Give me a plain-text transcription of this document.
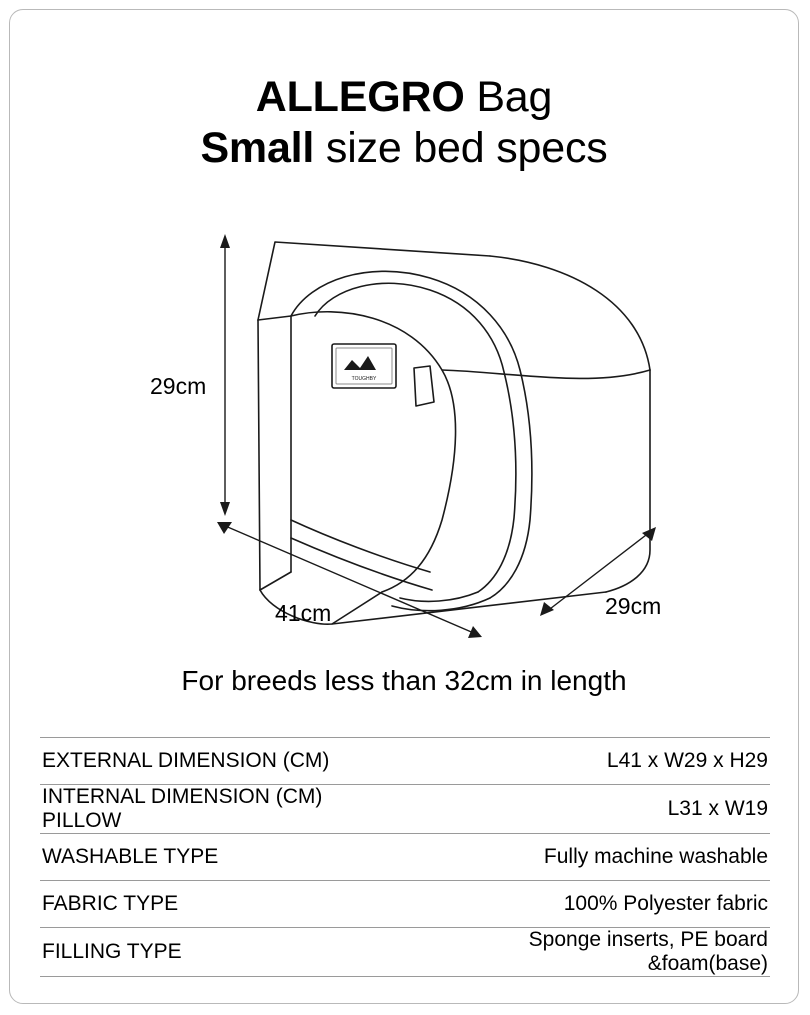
ALLEGRO Bag
Small size bed specs
TOUGHBY
29cm
41cm	29cm
For breeds less than 32cm in length
EXTERNAL DIMENSION (CM)	L41 x W29 x H29
INTERNAL DIMENSION (CM) PILLOW	L31 x W19
WASHABLE TYPE	Fully machine washable
FABRIC TYPE	100% Polyester fabric
FILLING TYPE	Sponge inserts, PE board &foam(base)
